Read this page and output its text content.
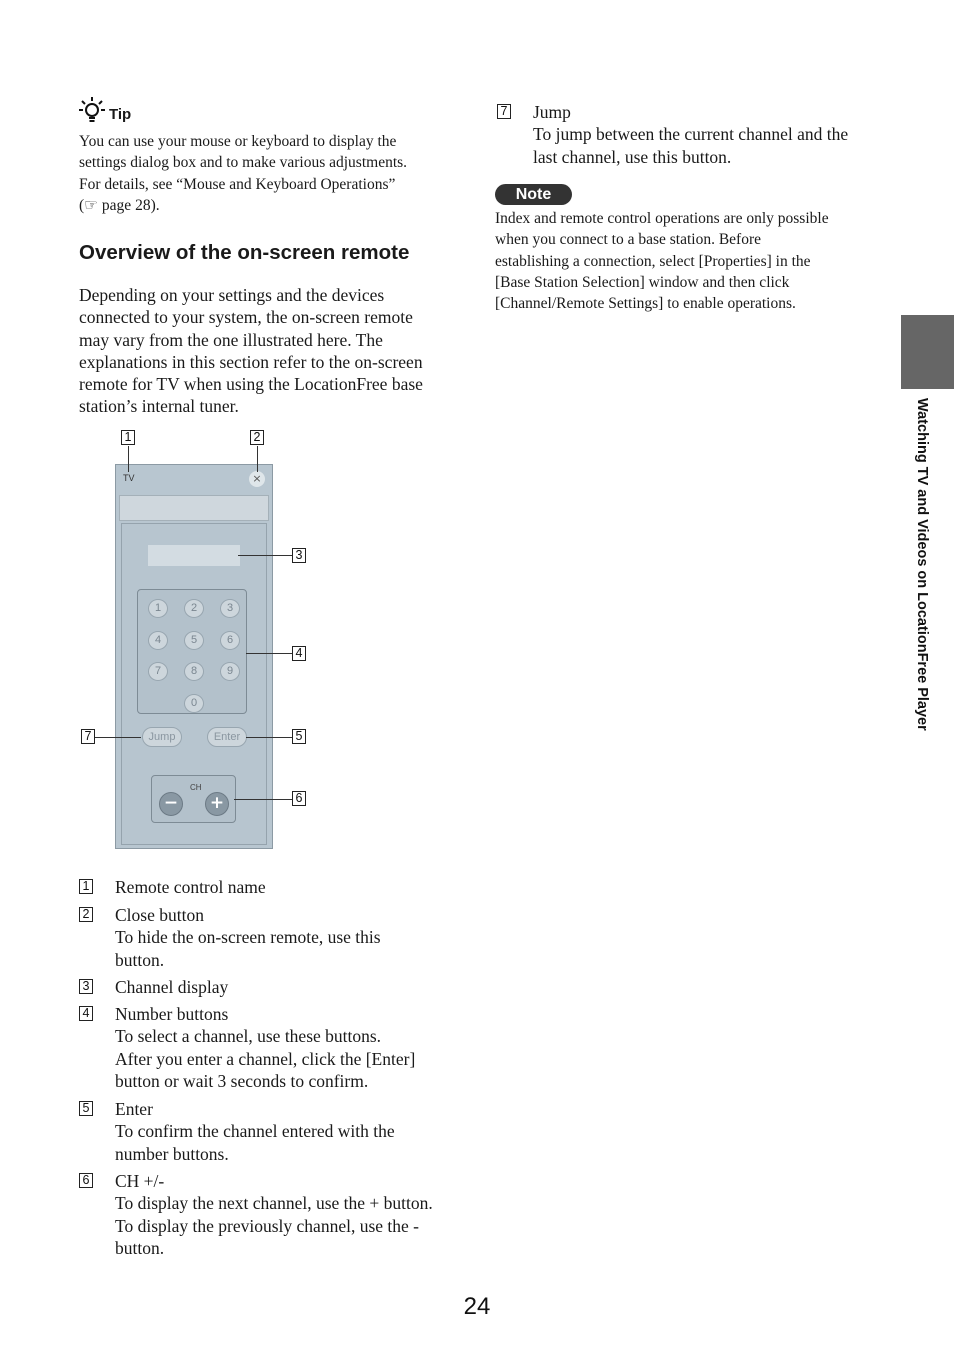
Tip
You can use your mouse or keyboard to display the
settings dialog box and to make various adjustments.
For details, see “Mouse and Keyboard Operations”
(☞ page 28).
Overview of the on-screen remote
Depending on your settings and the devices
connected to your system, the on-screen remote
may vary from the one illustrated here. The
explanations in this section refer to the on-screen
remote for TV when using the LocationFree base
station’s internal tuner.
TV	×
1	2	3
4	5	6
7	8	9
0
Jump	Enter
CH
− +
1	2
3
4
5
6
7
1 Remote control name
2 Close button
To hide the on-screen remote, use this
button.
3 Channel display
4 Number buttons
To select a channel, use these buttons.
After you enter a channel, click the [Enter]
button or wait 3 seconds to confirm.
5 Enter
To confirm the channel entered with the
number buttons.
6 CH +/-
To display the next channel, use the + button.
To display the previously channel, use the -
button.
7 Jump
To jump between the current channel and the
last channel, use this button.
Note
Index and remote control operations are only possible
when you connect to a base station. Before
establishing a connection, select [Properties] in the
[Base Station Selection] window and then click
[Channel/Remote Settings] to enable operations.
Watching TV and Videos on LocationFree Player
24
